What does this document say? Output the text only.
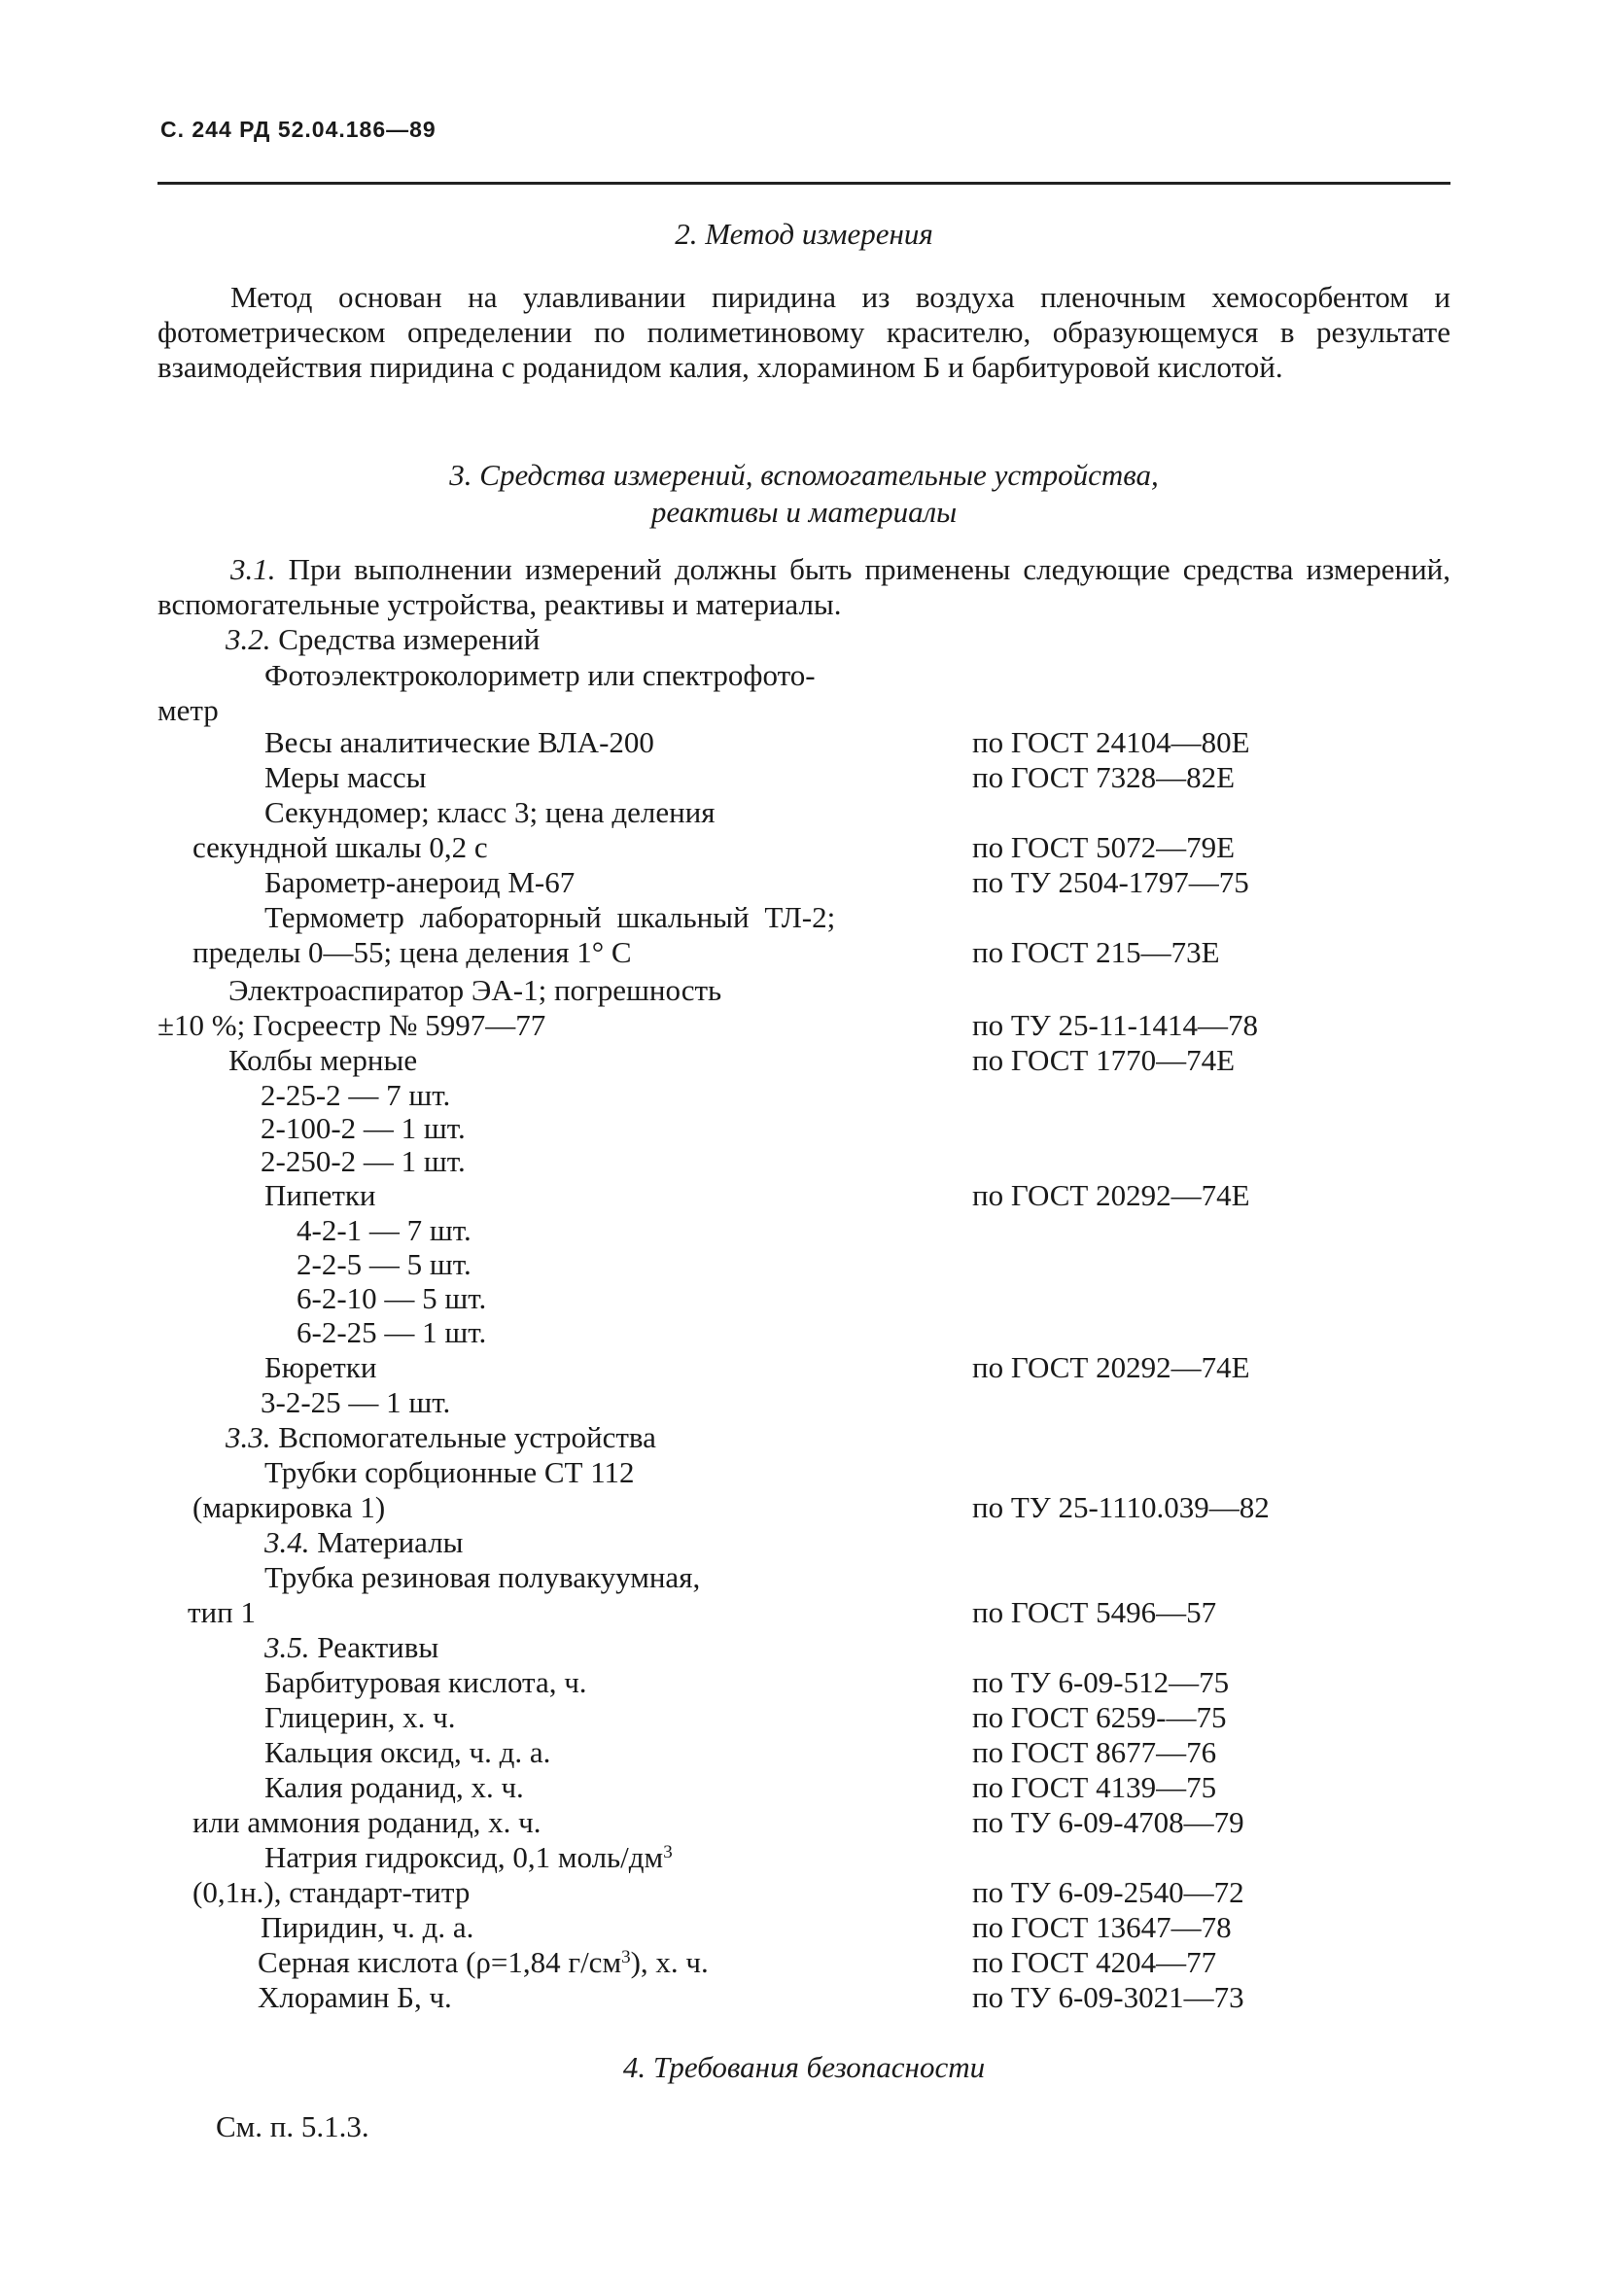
С. 244 РД 52.04.186—89
2. Метод измерения
Метод основан на улавливании пиридина из воздуха пленочным хемосорбентом и фотометрическом определении по полиметиновому красителю, образующемуся в результате взаимодействия пиридина с роданидом калия, хлорамином Б и барбитуровой кислотой.
3. Средства измерений, вспомогательные устройства,
реактивы и материалы
3.1. При выполнении измерений должны быть применены следующие средства измерений, вспомогательные устройства, реактивы и материалы.
3.2. Средства измерений
Фотоэлектроколориметр или спектрофото-
метр
Весы аналитические ВЛА-200	по ГОСТ 24104—80Е
Меры массы	по ГОСТ 7328—82Е
Секундомер; класс 3; цена деления
секундной шкалы 0,2 с	по ГОСТ 5072—79Е
Барометр-анероид М-67	по ТУ 2504-1797—75
Термометр лабораторный шкальный ТЛ-2;
пределы 0—55; цена деления 1° С	по ГОСТ 215—73Е
Электроаспиратор ЭА-1; погрешность
±10 %; Госреестр № 5997—77	по ТУ 25-11-1414—78
Колбы мерные	по ГОСТ 1770—74Е
2-25-2 — 7 шт.
2-100-2 — 1 шт.
2-250-2 — 1 шт.
Пипетки	по ГОСТ 20292—74Е
4-2-1 — 7 шт.
2-2-5 — 5 шт.
6-2-10 — 5 шт.
6-2-25 — 1 шт.
Бюретки	по ГОСТ 20292—74Е
3-2-25 — 1 шт.
3.3. Вспомогательные устройства
Трубки сорбционные СТ 112
(маркировка 1)	по ТУ 25-1110.039—82
3.4. Материалы
Трубка резиновая полувакуумная,
тип 1	по ГОСТ 5496—57
3.5. Реактивы
Барбитуровая кислота, ч.	по ТУ 6-09-512—75
Глицерин, х. ч.	по ГОСТ 6259-—75
Кальция оксид, ч. д. а.	по ГОСТ 8677—76
Калия роданид, х. ч.	по ГОСТ 4139—75
или аммония роданид, х. ч.	по ТУ 6-09-4708—79
Натрия гидроксид, 0,1 моль/$дм^3$
(0,1н.), стандарт-титр	по ТУ 6-09-2540—72
Пиридин, ч. д. а.	по ГОСТ 13647—78
Серная кислота (ρ=1,84 $г/см^3$), х. ч.	по ГОСТ 4204—77
Хлорамин Б, ч.	по ТУ 6-09-3021—73
4. Требования безопасности
См. п. 5.1.3.
